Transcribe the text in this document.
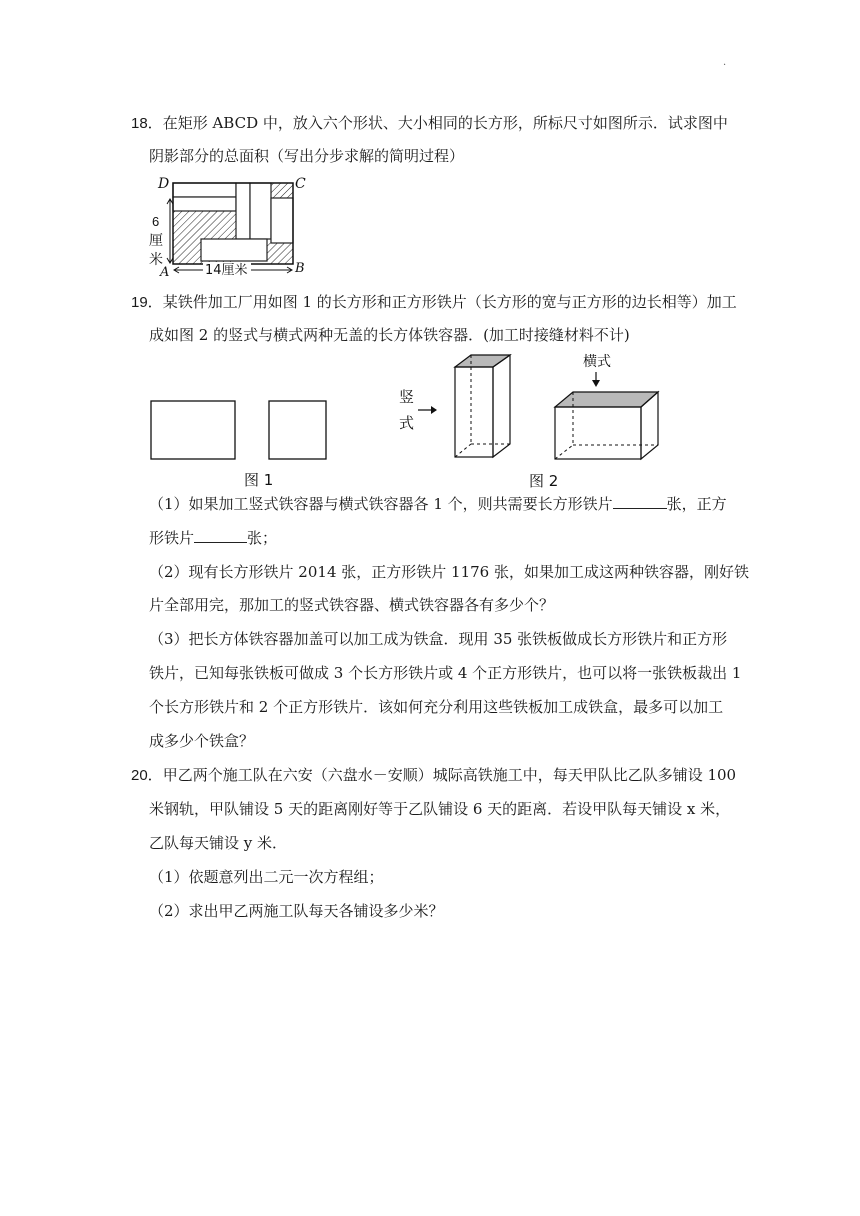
·
18．在矩形 ABCD 中，放入六个形状、大小相同的长方形，所标尺寸如图所示．试求图中
阴影部分的总面积（写出分步求解的简明过程）
D	C
A	B
6
厘
米
14厘米
19．某铁件加工厂用如图 1 的长方形和正方形铁片（长方形的宽与正方形的边长相等）加工
成如图 2 的竖式与横式两种无盖的长方体铁容器．(加工时接缝材料不计)
图 1
竖
式
横式
图 2
（1）如果加工竖式铁容器与横式铁容器各 1 个，则共需要长方形铁片	张，正方
形铁片	张；
（2）现有长方形铁片 2014 张，正方形铁片 1176 张，如果加工成这两种铁容器，刚好铁
片全部用完，那加工的竖式铁容器、横式铁容器各有多少个？
（3）把长方体铁容器加盖可以加工成为铁盒．现用 35 张铁板做成长方形铁片和正方形
铁片，已知每张铁板可做成 3 个长方形铁片或 4 个正方形铁片，也可以将一张铁板裁出 1
个长方形铁片和 2 个正方形铁片．该如何充分利用这些铁板加工成铁盒，最多可以加工
成多少个铁盒？
20．甲乙两个施工队在六安（六盘水－安顺）城际高铁施工中，每天甲队比乙队多铺设 100
米钢轨，甲队铺设 5 天的距离刚好等于乙队铺设 6 天的距离．若设甲队每天铺设 x 米，
乙队每天铺设 y 米．
（1）依题意列出二元一次方程组；
（2）求出甲乙两施工队每天各铺设多少米？
